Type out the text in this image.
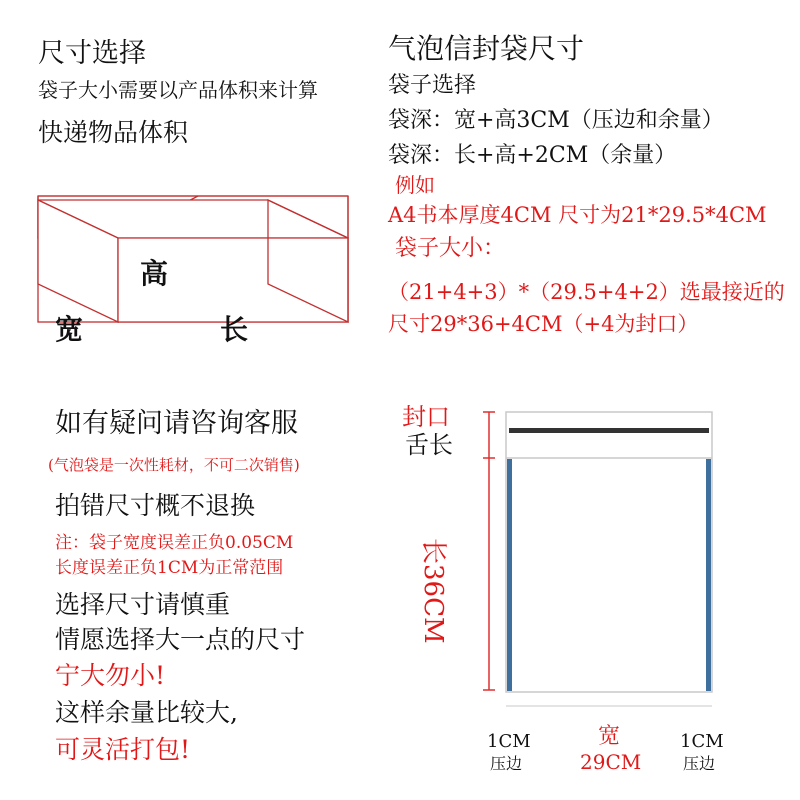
尺寸选择
袋子大小需要以产品体积来计算
快递物品体积
高
宽	长
气泡信封袋尺寸
袋子选择
袋深：宽+高3CM（压边和余量）
袋深：长+高+2CM（余量）
例如
A4书本厚度4CM 尺寸为21*29.5*4CM
袋子大小：
（21+4+3）*（29.5+4+2）选最接近的
尺寸29*36+4CM（+4为封口）
如有疑问请咨询客服
(气泡袋是一次性耗材，不可二次销售)
拍错尺寸概不退换
注：袋子宽度误差正负0.05CM
长度误差正负1CM为正常范围
选择尺寸请慎重
情愿选择大一点的尺寸
宁大勿小!
这样余量比较大,
可灵活打包!
封口
舌长
长36CM
宽
29CM
1CM
压边
1CM
压边
